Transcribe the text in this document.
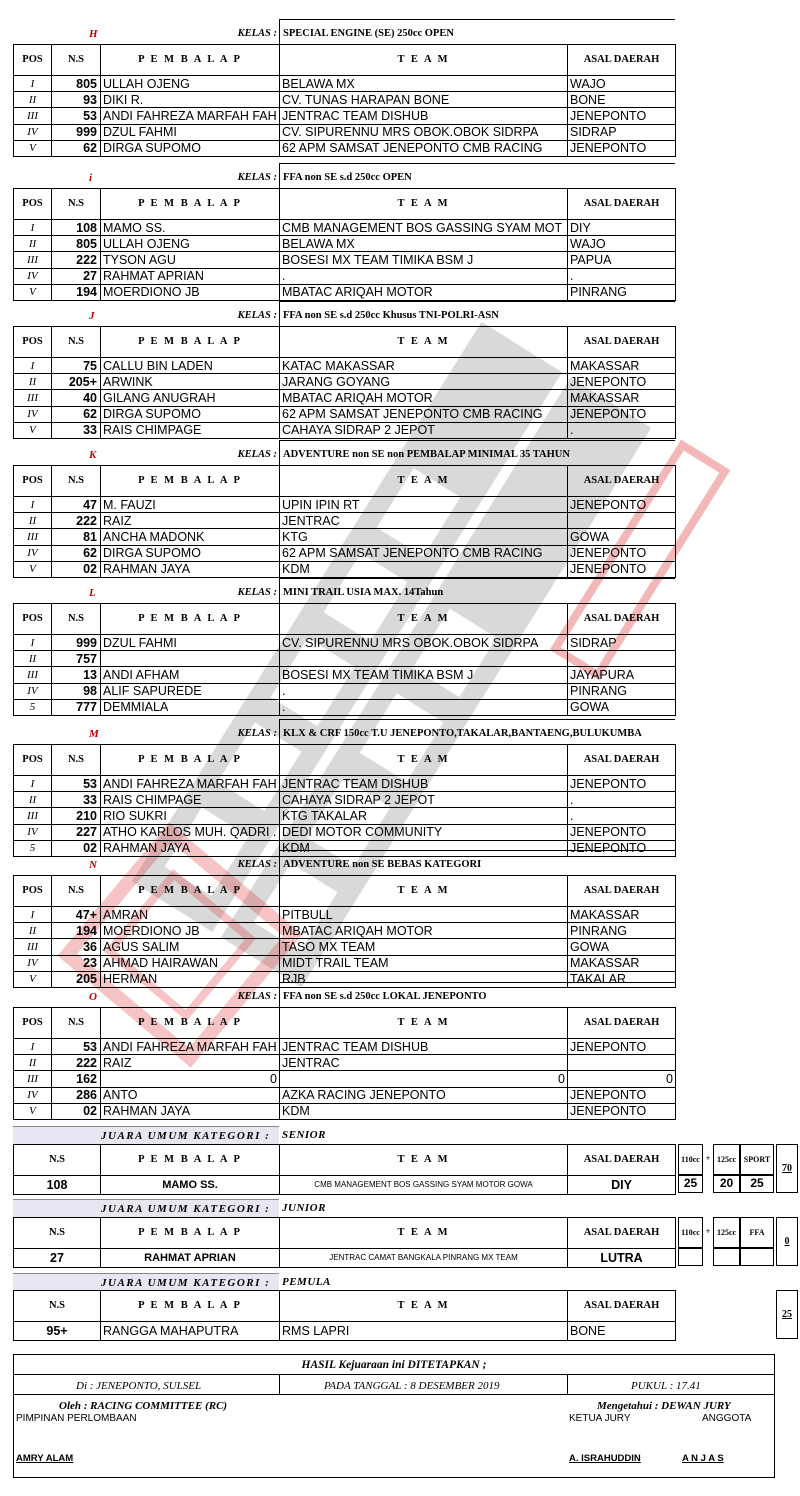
H	KELAS : SPECIAL ENGINE (SE) 250cc OPEN
POS	N.S	P E M B A L A P	T E A M	ASAL DAERAH
I	805	ULLAH OJENG	BELAWA MX	WAJO
II	93	DIKI R.	CV. TUNAS HARAPAN BONE	BONE
III	53	ANDI FAHREZA MARFAH FAH	JENTRAC TEAM DISHUB	JENEPONTO
IV	999	DZUL FAHMI	CV. SIPURENNU MRS OBOK.OBOK SIDRPA	SIDRAP
V	62	DIRGA SUPOMO	62 APM SAMSAT JENEPONTO CMB RACING	JENEPONTO
i	KELAS : FFA non SE s.d 250cc OPEN
POS	N.S	P E M B A L A P	T E A M	ASAL DAERAH
I	108	MAMO SS.	CMB MANAGEMENT BOS GASSING SYAM MOT	DIY
II	805	ULLAH OJENG	BELAWA MX	WAJO
III	222	TYSON AGU	BOSESI MX TEAM TIMIKA BSM J	PAPUA
IV	27	RAHMAT APRIAN	.	.
V	194	MOERDIONO JB	MBATAC ARIQAH MOTOR	PINRANG
J	KELAS : FFA non SE s.d 250cc Khusus TNI-POLRI-ASN
POS	N.S	P E M B A L A P	T E A M	ASAL DAERAH
I	75	CALLU BIN LADEN	KATAC MAKASSAR	MAKASSAR
II	205+	ARWINK	JARANG GOYANG	JENEPONTO
III	40	GILANG ANUGRAH	MBATAC ARIQAH MOTOR	MAKASSAR
IV	62	DIRGA SUPOMO	62 APM SAMSAT JENEPONTO CMB RACING	JENEPONTO
V	33	RAIS CHIMPAGE	CAHAYA SIDRAP 2 JEPOT	.
K	KELAS : ADVENTURE non SE non PEMBALAP MINIMAL 35 TAHUN
POS	N.S	P E M B A L A P	T E A M	ASAL DAERAH
I	47	M. FAUZI	UPIN IPIN RT	JENEPONTO
II	222	RAIZ	JENTRAC	
III	81	ANCHA MADONK	KTG	GOWA
IV	62	DIRGA SUPOMO	62 APM SAMSAT JENEPONTO CMB RACING	JENEPONTO
V	02	RAHMAN JAYA	KDM	JENEPONTO
L	KELAS : MINI TRAIL USIA MAX. 14Tahun
POS	N.S	P E M B A L A P	T E A M	ASAL DAERAH
I	999	DZUL FAHMI	CV. SIPURENNU MRS OBOK.OBOK SIDRPA	SIDRAP
II	757			
III	13	ANDI AFHAM	BOSESI MX TEAM TIMIKA BSM J	JAYAPURA
IV	98	ALIF SAPUREDE	.	PINRANG
5	777	DEMMIALA	.	GOWA
M	KELAS : KLX & CRF 150cc T.U JENEPONTO,TAKALAR,BANTAENG,BULUKUMBA
POS	N.S	P E M B A L A P	T E A M	ASAL DAERAH
I	53	ANDI FAHREZA MARFAH FAH	JENTRAC TEAM DISHUB	JENEPONTO
II	33	RAIS CHIMPAGE	CAHAYA SIDRAP 2 JEPOT	.
III	210	RIO SUKRI	KTG TAKALAR	.
IV	227	ATHO KARLOS MUH. QADRI .	DEDI MOTOR COMMUNITY	JENEPONTO
5	02	RAHMAN JAYA	KDM	JENEPONTO
N	KELAS : ADVENTURE non SE BEBAS KATEGORI
POS	N.S	P E M B A L A P	T E A M	ASAL DAERAH
I	47+	AMRAN	PITBULL	MAKASSAR
II	194	MOERDIONO JB	MBATAC ARIQAH MOTOR	PINRANG
III	36	AGUS SALIM	TASO MX TEAM	GOWA
IV	23	AHMAD HAIRAWAN	MIDT TRAIL TEAM	MAKASSAR
V	205	HERMAN	RJB	TAKALAR
O	KELAS : FFA non SE s.d 250cc LOKAL JENEPONTO
POS	N.S	P E M B A L A P	T E A M	ASAL DAERAH
I	53	ANDI FAHREZA MARFAH FAH	JENTRAC TEAM DISHUB	JENEPONTO
II	222	RAIZ	JENTRAC	
III	162	0	0	0
IV	286	ANTO	AZKA RACING JENEPONTO	JENEPONTO
V	02	RAHMAN JAYA	KDM	JENEPONTO
JUARA UMUM KATEGORI :	SENIOR
N.S	P E M B A L A P	T E A M	ASAL DAERAH
108	MAMO SS.	CMB MANAGEMENT BOS GASSING SYAM MOTOR GOWA	DIY
110cc + 125cc SPORT
25	20	25
70
JUARA UMUM KATEGORI :	JUNIOR
N.S	P E M B A L A P	T E A M	ASAL DAERAH
27	RAHMAT APRIAN	JENTRAC CAMAT BANGKALA PINRANG MX TEAM	LUTRA
110cc + 125cc	FFA
0
JUARA UMUM KATEGORI :	PEMULA
N.S	P E M B A L A P	T E A M	ASAL DAERAH
95+	RANGGA MAHAPUTRA	RMS LAPRI	BONE
25
HASIL Kejuaraan ini DITETAPKAN ;
Di : JENEPONTO, SULSEL	PADA TANGGAL : 8 DESEMBER 2019	PUKUL : 17.41
Oleh : RACING COMMITTEE (RC)	Mengetahui : DEWAN JURY
PIMPINAN PERLOMBAAN	KETUA JURY	ANGGOTA
AMRY ALAM	A. ISRAHUDDIN	A N J A S
